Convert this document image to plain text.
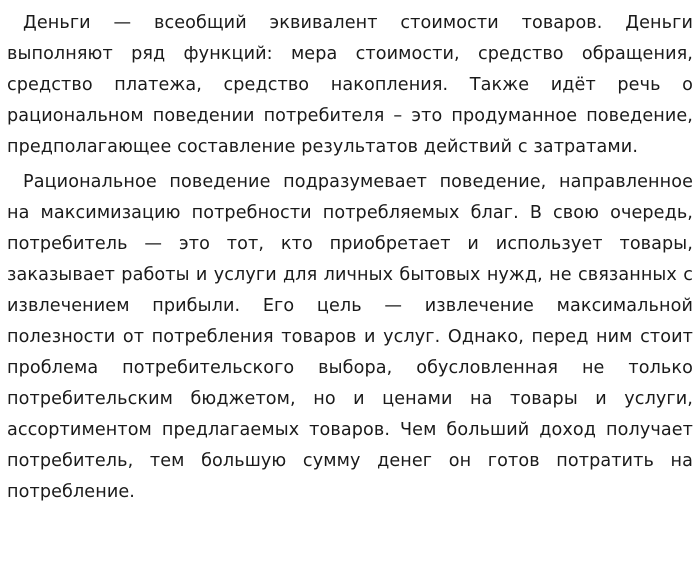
Деньги — всеобщий эквивалент стоимости товаров. Деньги выполняют ряд функций: мера стоимости, средство обращения, средство платежа, средство накопления. Также идёт речь о рациональном поведении потребителя – это продуманное поведение, предполагающее составление результатов действий с затратами.

Рациональное поведение подразумевает поведение, направленное на максимизацию потребности потребляемых благ. В свою очередь, потребитель — это тот, кто приобретает и использует товары, заказывает работы и услуги для личных бытовых нужд, не связанных с извлечением прибыли. Его цель — извлечение максимальной полезности от потребления товаров и услуг. Однако, перед ним стоит проблема потребительского выбора, обусловленная не только потребительским бюджетом, но и ценами на товары и услуги, ассортиментом предлагаемых товаров. Чем больший доход получает потребитель, тем большую сумму денег он готов потратить на потребление.
